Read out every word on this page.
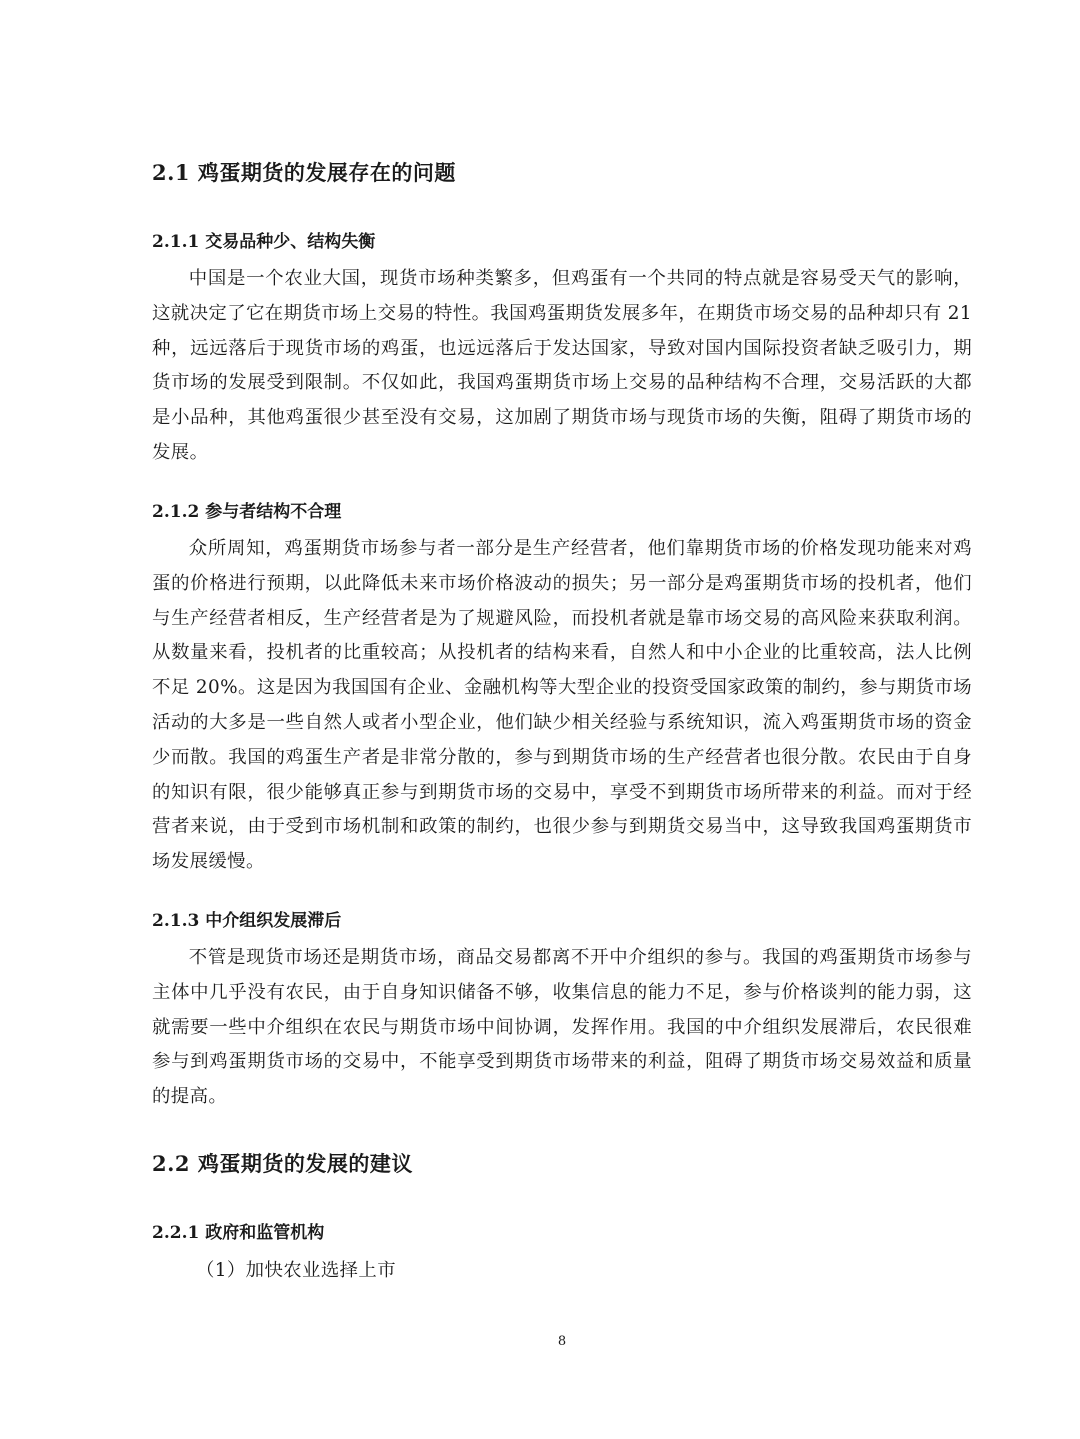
2.1 鸡蛋期货的发展存在的问题
2.1.1 交易品种少、结构失衡

中国是一个农业大国，现货市场种类繁多，但鸡蛋有一个共同的特点就是容易受天气的影响，这就决定了它在期货市场上交易的特性。我国鸡蛋期货发展多年，在期货市场交易的品种却只有 21 种，远远落后于现货市场的鸡蛋，也远远落后于发达国家，导致对国内国际投资者缺乏吸引力，期货市场的发展受到限制。不仅如此，我国鸡蛋期货市场上交易的品种结构不合理，交易活跃的大都是小品种，其他鸡蛋很少甚至没有交易，这加剧了期货市场与现货市场的失衡，阻碍了期货市场的发展。

2.1.2 参与者结构不合理

众所周知，鸡蛋期货市场参与者一部分是生产经营者，他们靠期货市场的价格发现功能来对鸡蛋的价格进行预期，以此降低未来市场价格波动的损失；另一部分是鸡蛋期货市场的投机者，他们与生产经营者相反，生产经营者是为了规避风险，而投机者就是靠市场交易的高风险来获取利润。从数量来看，投机者的比重较高；从投机者的结构来看，自然人和中小企业的比重较高，法人比例不足 20%。这是因为我国国有企业、金融机构等大型企业的投资受国家政策的制约，参与期货市场活动的大多是一些自然人或者小型企业，他们缺少相关经验与系统知识，流入鸡蛋期货市场的资金少而散。我国的鸡蛋生产者是非常分散的，参与到期货市场的生产经营者也很分散。农民由于自身的知识有限，很少能够真正参与到期货市场的交易中，享受不到期货市场所带来的利益。而对于经营者来说，由于受到市场机制和政策的制约，也很少参与到期货交易当中，这导致我国鸡蛋期货市场发展缓慢。

2.1.3 中介组织发展滞后

不管是现货市场还是期货市场，商品交易都离不开中介组织的参与。我国的鸡蛋期货市场参与主体中几乎没有农民，由于自身知识储备不够，收集信息的能力不足，参与价格谈判的能力弱，这就需要一些中介组织在农民与期货市场中间协调，发挥作用。我国的中介组织发展滞后，农民很难参与到鸡蛋期货市场的交易中，不能享受到期货市场带来的利益，阻碍了期货市场交易效益和质量的提高。

2.2 鸡蛋期货的发展的建议
2.2.1 政府和监管机构

（1）加快农业选择上市

8
